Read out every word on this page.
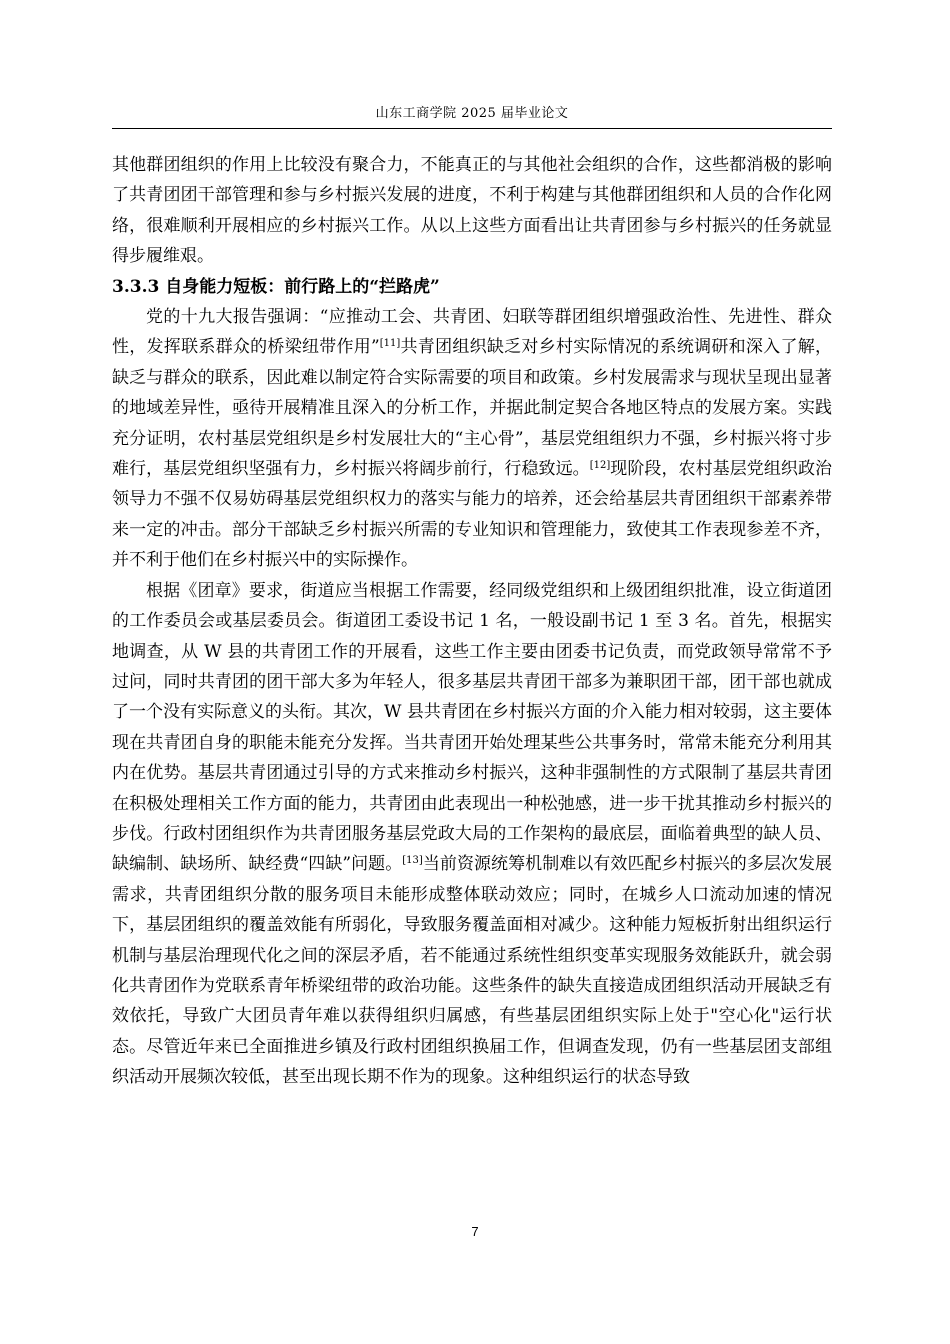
山东工商学院 2025 届毕业论文

其他群团组织的作用上比较没有聚合力，不能真正的与其他社会组织的合作，这些都消极的影响了共青团团干部管理和参与乡村振兴发展的进度，不利于构建与其他群团组织和人员的合作化网络，很难顺利开展相应的乡村振兴工作。从以上这些方面看出让共青团参与乡村振兴的任务就显得步履维艰。

3.3.3 自身能力短板：前行路上的“拦路虎”

党的十九大报告强调：“应推动工会、共青团、妇联等群团组织增强政治性、先进性、群众性，发挥联系群众的桥梁纽带作用”[11]共青团组织缺乏对乡村实际情况的系统调研和深入了解，缺乏与群众的联系，因此难以制定符合实际需要的项目和政策。乡村发展需求与现状呈现出显著的地域差异性，亟待开展精准且深入的分析工作，并据此制定契合各地区特点的发展方案。实践充分证明，农村基层党组织是乡村发展壮大的“主心骨”，基层党组组织力不强，乡村振兴将寸步难行，基层党组织坚强有力，乡村振兴将阔步前行，行稳致远。[12]现阶段，农村基层党组织政治领导力不强不仅易妨碍基层党组织权力的落实与能力的培养，还会给基层共青团组织干部素养带来一定的冲击。部分干部缺乏乡村振兴所需的专业知识和管理能力，致使其工作表现参差不齐，并不利于他们在乡村振兴中的实际操作。

根据《团章》要求，街道应当根据工作需要，经同级党组织和上级团组织批准，设立街道团的工作委员会或基层委员会。街道团工委设书记 1 名，一般设副书记 1 至 3 名。首先，根据实地调查，从 W 县的共青团工作的开展看，这些工作主要由团委书记负责，而党政领导常常不予过问，同时共青团的团干部大多为年轻人，很多基层共青团干部多为兼职团干部，团干部也就成了一个没有实际意义的头衔。其次，W 县共青团在乡村振兴方面的介入能力相对较弱，这主要体现在共青团自身的职能未能充分发挥。当共青团开始处理某些公共事务时，常常未能充分利用其内在优势。基层共青团通过引导的方式来推动乡村振兴，这种非强制性的方式限制了基层共青团在积极处理相关工作方面的能力，共青团由此表现出一种松弛感，进一步干扰其推动乡村振兴的步伐。行政村团组织作为共青团服务基层党政大局的工作架构的最底层，面临着典型的缺人员、缺编制、缺场所、缺经费“四缺”问题。[13]当前资源统筹机制难以有效匹配乡村振兴的多层次发展需求，共青团组织分散的服务项目未能形成整体联动效应；同时，在城乡人口流动加速的情况下，基层团组织的覆盖效能有所弱化，导致服务覆盖面相对减少。这种能力短板折射出组织运行机制与基层治理现代化之间的深层矛盾，若不能通过系统性组织变革实现服务效能跃升，就会弱化共青团作为党联系青年桥梁纽带的政治功能。这些条件的缺失直接造成团组织活动开展缺乏有效依托，导致广大团员青年难以获得组织归属感，有些基层团组织实际上处于"空心化"运行状态。尽管近年来已全面推进乡镇及行政村团组织换届工作，但调查发现，仍有一些基层团支部组织活动开展频次较低，甚至出现长期不作为的现象。这种组织运行的状态导致

7
